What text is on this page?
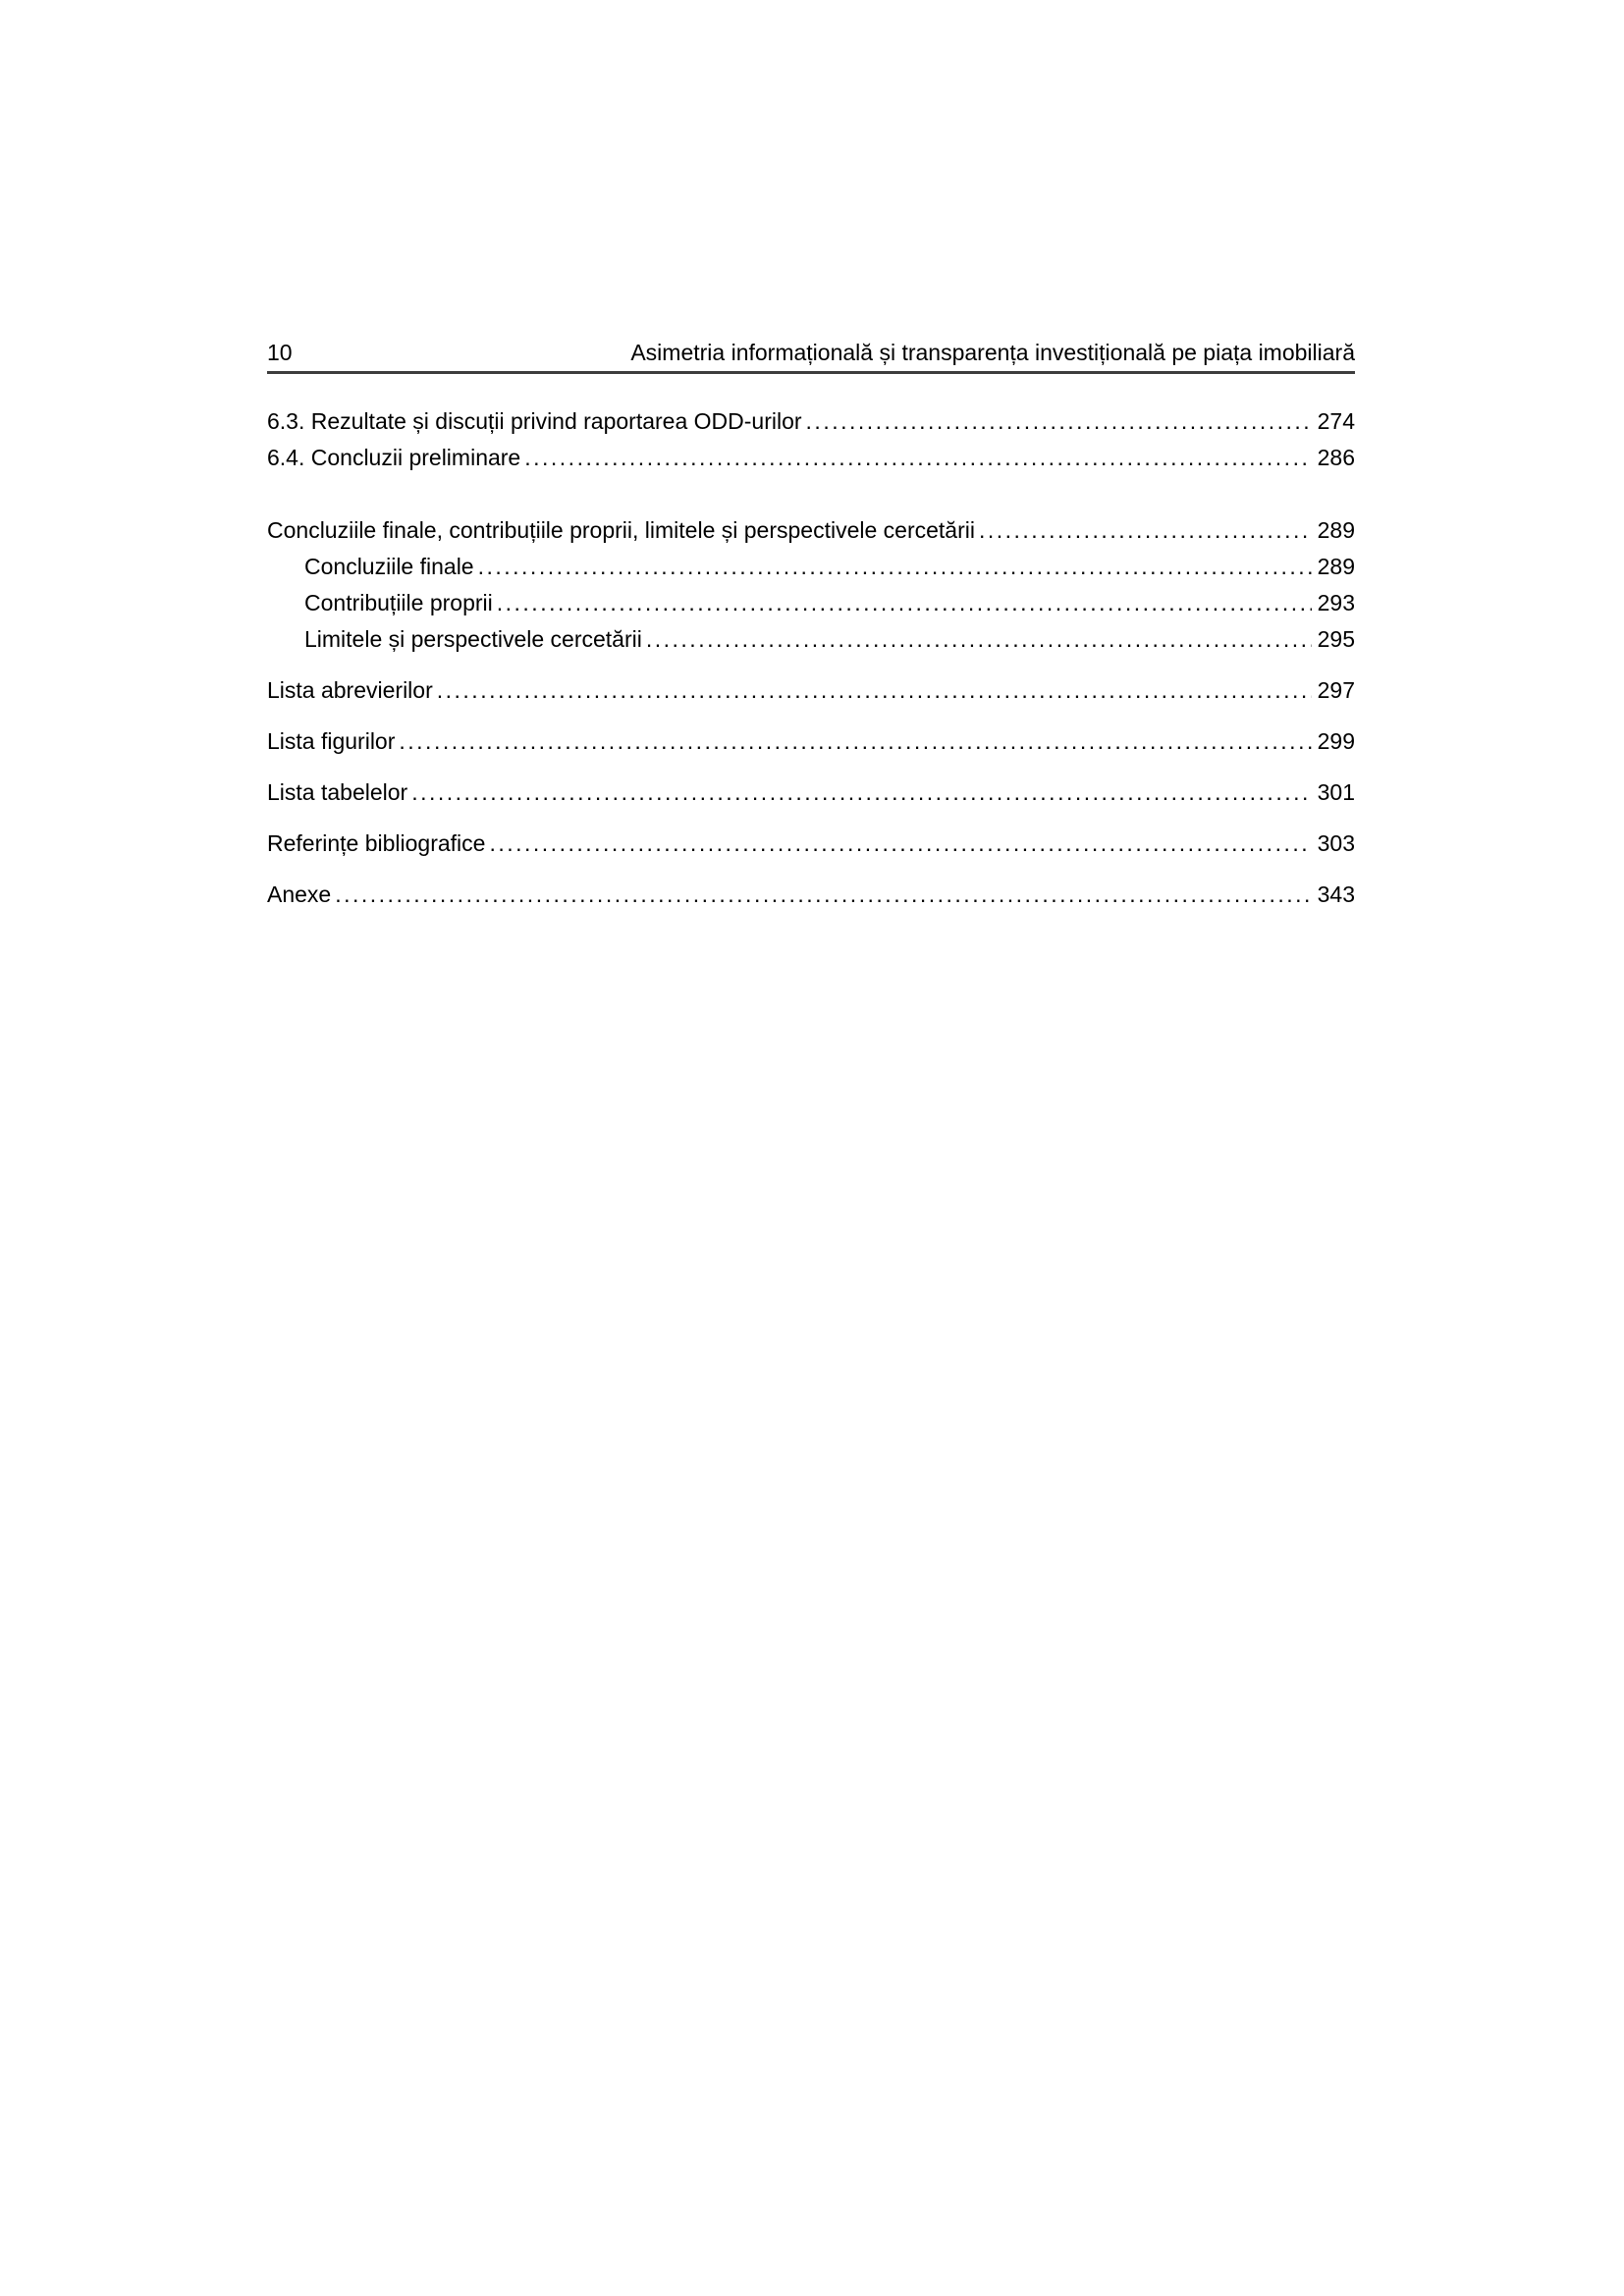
10	Asimetria informațională și transparența investițională pe piața imobiliară
6.3. Rezultate și discuții privind raportarea ODD-urilor .....	274
6.4. Concluzii preliminare .....	286
Concluziile finale, contribuțiile proprii, limitele și perspectivele cercetării .....	289
Concluziile finale .....	289
Contribuțiile proprii .....	293
Limitele și perspectivele cercetării .....	295
Lista abrevierilor .....	297
Lista figurilor .....	299
Lista tabelelor .....	301
Referințe bibliografice .....	303
Anexe .....	343
